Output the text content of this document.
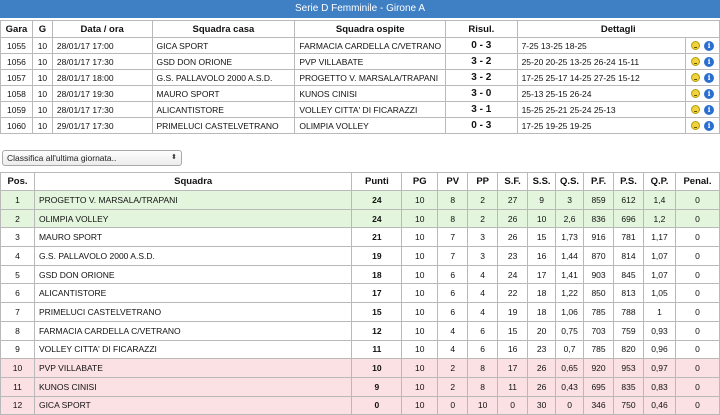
Serie D Femminile - Girone A
Gara	G	Data / ora	Squadra casa	Squadra ospite	Risul.	Dettagli	
1055	10	28/01/17 17:00	GICA SPORT	FARMACIA CARDELLA C/VETRANO	0 - 3	7-25 13-25 18-25	i
1056	10	28/01/17 17:30	GSD DON ORIONE	PVP VILLABATE	3 - 2	25-20 20-25 13-25 26-24 15-11	i
1057	10	28/01/17 18:00	G.S. PALLAVOLO 2000 A.S.D.	PROGETTO V. MARSALA/TRAPANI	3 - 2	17-25 25-17 14-25 27-25 15-12	i
1058	10	28/01/17 19:30	MAURO SPORT	KUNOS CINISI	3 - 0	25-13 25-15 26-24	i
1059	10	28/01/17 17:30	ALICANTISTORE	VOLLEY CITTA' DI FICARAZZI	3 - 1	15-25 25-21 25-24 25-13	i
1060	10	29/01/17 17:30	PRIMELUCI CASTELVETRANO	OLIMPIA VOLLEY	0 - 3	17-25 19-25 19-25	i
Classifica all'ultima giornata..	⬍
Pos.	Squadra	Punti	PG	PV	PP	S.F.	S.S.	Q.S.	P.F.	P.S.	Q.P.	Penal.
1	PROGETTO V. MARSALA/TRAPANI	24	10	8	2	27	9	3	859	612	1,4	0
2	OLIMPIA VOLLEY	24	10	8	2	26	10	2,6	836	696	1,2	0
3	MAURO SPORT	21	10	7	3	26	15	1,73	916	781	1,17	0
4	G.S. PALLAVOLO 2000 A.S.D.	19	10	7	3	23	16	1,44	870	814	1,07	0
5	GSD DON ORIONE	18	10	6	4	24	17	1,41	903	845	1,07	0
6	ALICANTISTORE	17	10	6	4	22	18	1,22	850	813	1,05	0
7	PRIMELUCI CASTELVETRANO	15	10	6	4	19	18	1,06	785	788	1	0
8	FARMACIA CARDELLA C/VETRANO	12	10	4	6	15	20	0,75	703	759	0,93	0
9	VOLLEY CITTA' DI FICARAZZI	11	10	4	6	16	23	0,7	785	820	0,96	0
10	PVP VILLABATE	10	10	2	8	17	26	0,65	920	953	0,97	0
11	KUNOS CINISI	9	10	2	8	11	26	0,43	695	835	0,83	0
12	GICA SPORT	0	10	0	10	0	30	0	346	750	0,46	0
